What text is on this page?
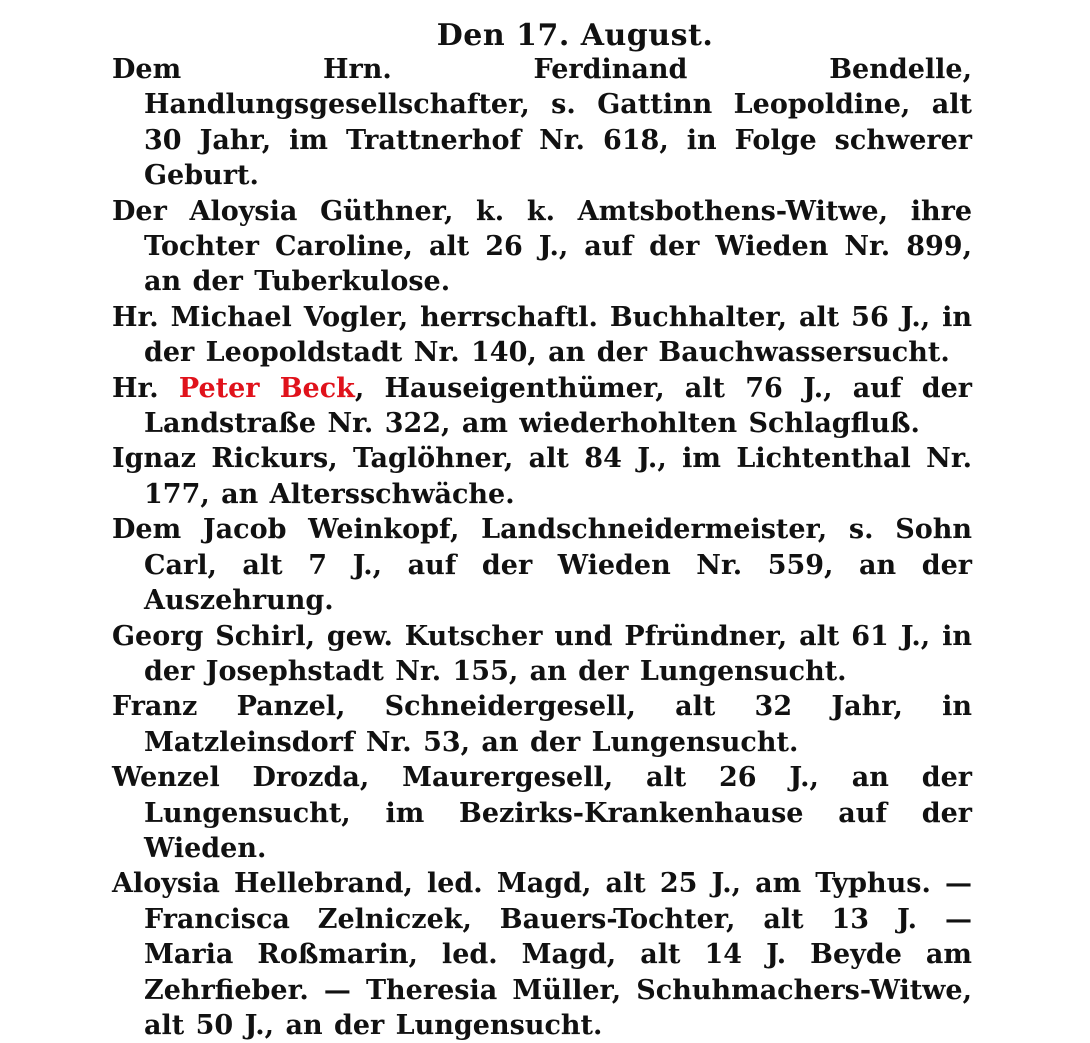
Den 17. August.

Dem Hrn. Ferdinand Bendelle, Handlungsgesellschafter, s. Gattinn Leopoldine, alt 30 Jahr, im Trattnerhof Nr. 618, in Folge schwerer Geburt.

Der Aloysia Güthner, k. k. Amtsbothens-Witwe, ihre Tochter Caroline, alt 26 J., auf der Wieden Nr. 899, an der Tuberkulose.

Hr. Michael Vogler, herrschaftl. Buchhalter, alt 56 J., in der Leopoldstadt Nr. 140, an der Bauchwassersucht.

Hr. Peter Beck, Hauseigenthümer, alt 76 J., auf der Landstraße Nr. 322, am wiederhohlten Schlagfluß.

Ignaz Rickurs, Taglöhner, alt 84 J., im Lichtenthal Nr. 177, an Altersschwäche.

Dem Jacob Weinkopf, Landschneidermeister, s. Sohn Carl, alt 7 J., auf der Wieden Nr. 559, an der Auszehrung.

Georg Schirl, gew. Kutscher und Pfründner, alt 61 J., in der Josephstadt Nr. 155, an der Lungensucht.

Franz Panzel, Schneidergesell, alt 32 Jahr, in Matzleinsdorf Nr. 53, an der Lungensucht.

Wenzel Drozda, Maurergesell, alt 26 J., an der Lungensucht, im Bezirks-Krankenhause auf der Wieden.

Aloysia Hellebrand, led. Magd, alt 25 J., am Typhus. — Francisca Zelniczek, Bauers-Tochter, alt 13 J. — Maria Roßmarin, led. Magd, alt 14 J. Beyde am Zehrfieber. — Theresia Müller, Schuhmachers-Witwe, alt 50 J., an der Lungensucht.
